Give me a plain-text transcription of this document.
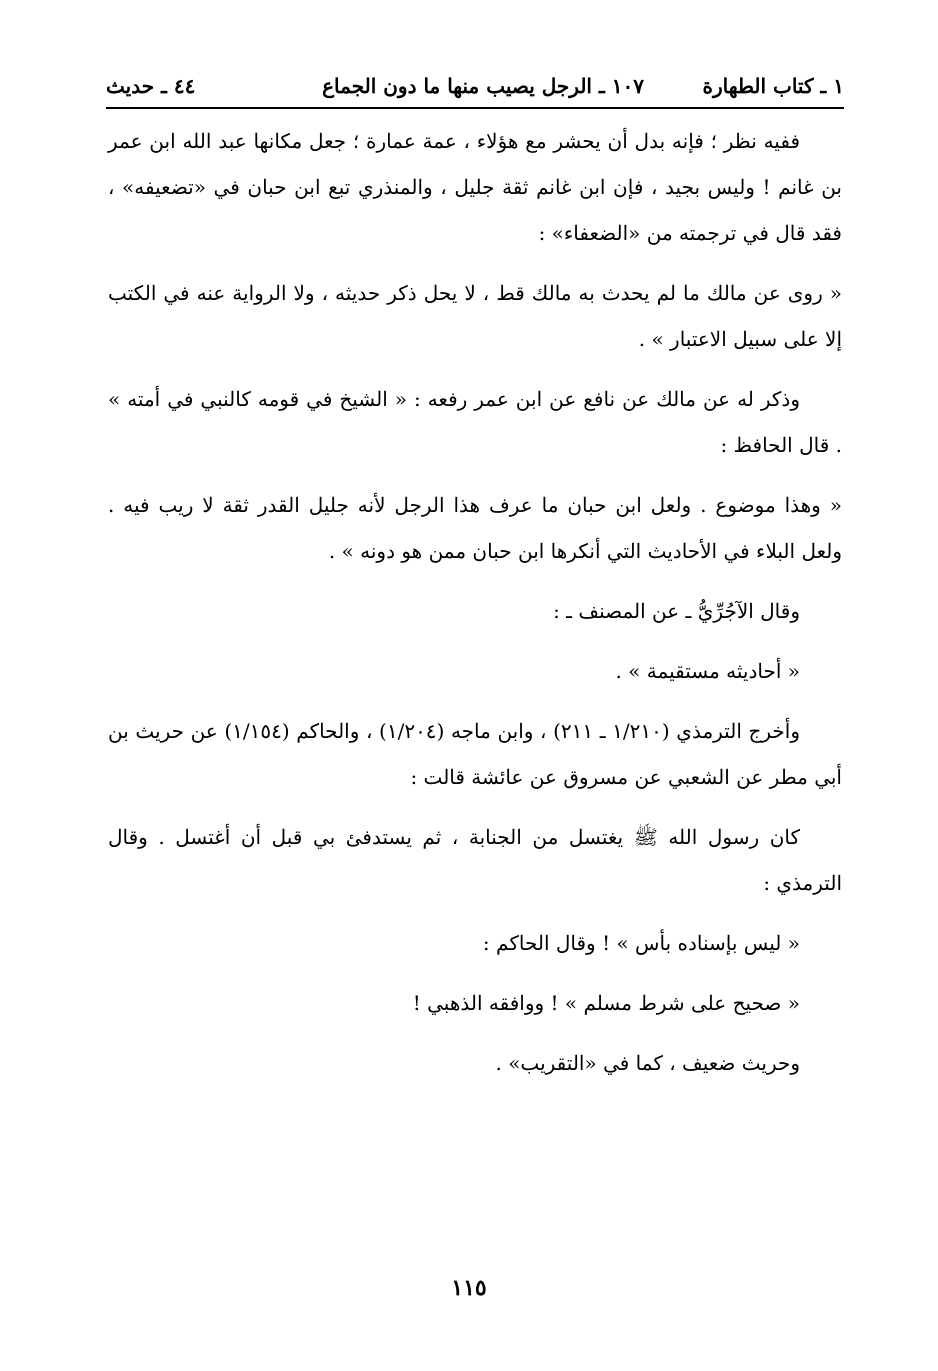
١ ـ كتاب الطهارة
١٠٧ ـ الرجل يصيب منها ما دون الجماع
٤٤ ـ حديث

ففيه نظر ؛ فإنه بدل أن يحشر مع هؤلاء ، عمة عمارة ؛ جعل مكانها عبد الله ابن عمر بن غانم ! وليس بجيد ، فإن ابن غانم ثقة جليل ، والمنذري تبع ابن حبان في «تضعيفه» ، فقد قال في ترجمته من «الضعفاء» :

« روى عن مالك ما لم يحدث به مالك قط ، لا يحل ذكر حديثه ، ولا الرواية عنه في الكتب إلا على سبيل الاعتبار » .

وذكر له عن مالك عن نافع عن ابن عمر رفعه : « الشيخ في قومه كالنبي في أمته » . قال الحافظ :

« وهذا موضوع . ولعل ابن حبان ما عرف هذا الرجل لأنه جليل القدر ثقة لا ريب فيه . ولعل البلاء في الأحاديث التي أنكرها ابن حبان ممن هو دونه » .

وقال الآجُرِّيُّ ـ عن المصنف ـ :

« أحاديثه مستقيمة » .

وأخرج الترمذي (١/٢١٠ ـ ٢١١) ، وابن ماجه (١/٢٠٤) ، والحاكم (١/١٥٤) عن حريث بن أبي مطر عن الشعبي عن مسروق عن عائشة قالت :

كان رسول الله ﷺ يغتسل من الجنابة ، ثم يستدفئ بي قبل أن أغتسل . وقال الترمذي :

« ليس بإسناده بأس » ! وقال الحاكم :

« صحيح على شرط مسلم » ! ووافقه الذهبي !

وحريث ضعيف ، كما في «التقريب» .

١١٥
